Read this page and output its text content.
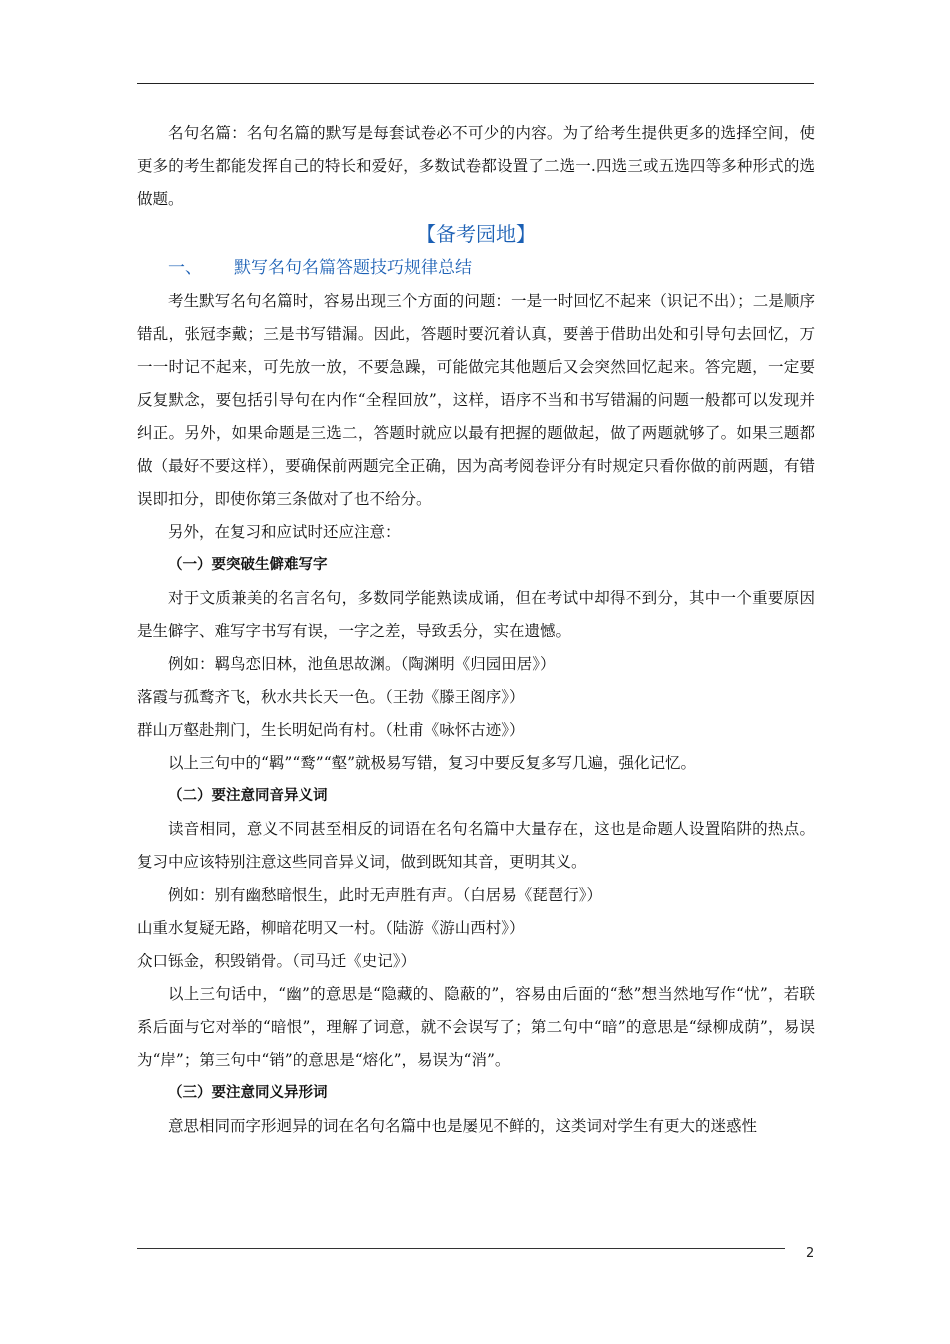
名句名篇：名句名篇的默写是每套试卷必不可少的内容。为了给考生提供更多的选择空间，使更多的考生都能发挥自己的特长和爱好，多数试卷都设置了二选一.四选三或五选四等多种形式的选做题。

【备考园地】

一、 默写名句名篇答题技巧规律总结

考生默写名句名篇时，容易出现三个方面的问题：一是一时回忆不起来（识记不出）；二是顺序错乱，张冠李戴；三是书写错漏。因此，答题时要沉着认真，要善于借助出处和引导句去回忆，万一一时记不起来，可先放一放，不要急躁，可能做完其他题后又会突然回忆起来。答完题，一定要反复默念，要包括引导句在内作“全程回放”，这样，语序不当和书写错漏的问题一般都可以发现并纠正。另外，如果命题是三选二，答题时就应以最有把握的题做起，做了两题就够了。如果三题都做（最好不要这样），要确保前两题完全正确，因为高考阅卷评分有时规定只看你做的前两题，有错误即扣分，即使你第三条做对了也不给分。

另外，在复习和应试时还应注意：

（一）要突破生僻难写字

对于文质兼美的名言名句，多数同学能熟读成诵，但在考试中却得不到分，其中一个重要原因是生僻字、难写字书写有误，一字之差，导致丢分，实在遗憾。

例如：羁鸟恋旧林，池鱼思故渊。（陶渊明《归园田居》）

落霞与孤鹜齐飞，秋水共长天一色。（王勃《滕王阁序》）

群山万壑赴荆门，生长明妃尚有村。（杜甫《咏怀古迹》）

以上三句中的“羁”“鹜”“壑”就极易写错，复习中要反复多写几遍，强化记忆。

（二）要注意同音异义词

读音相同，意义不同甚至相反的词语在名句名篇中大量存在，这也是命题人设置陷阱的热点。复习中应该特别注意这些同音异义词，做到既知其音，更明其义。

例如：别有幽愁暗恨生，此时无声胜有声。（白居易《琵琶行》）

山重水复疑无路，柳暗花明又一村。（陆游《游山西村》）

众口铄金，积毁销骨。（司马迁《史记》）

以上三句话中，“幽”的意思是“隐藏的、隐蔽的”，容易由后面的“愁”想当然地写作“忧”，若联系后面与它对举的“暗恨”，理解了词意，就不会误写了；第二句中“暗”的意思是“绿柳成荫”，易误为“岸”；第三句中“销”的意思是“熔化”，易误为“消”。

（三）要注意同义异形词

意思相同而字形迥异的词在名句名篇中也是屡见不鲜的，这类词对学生有更大的迷惑性

2
